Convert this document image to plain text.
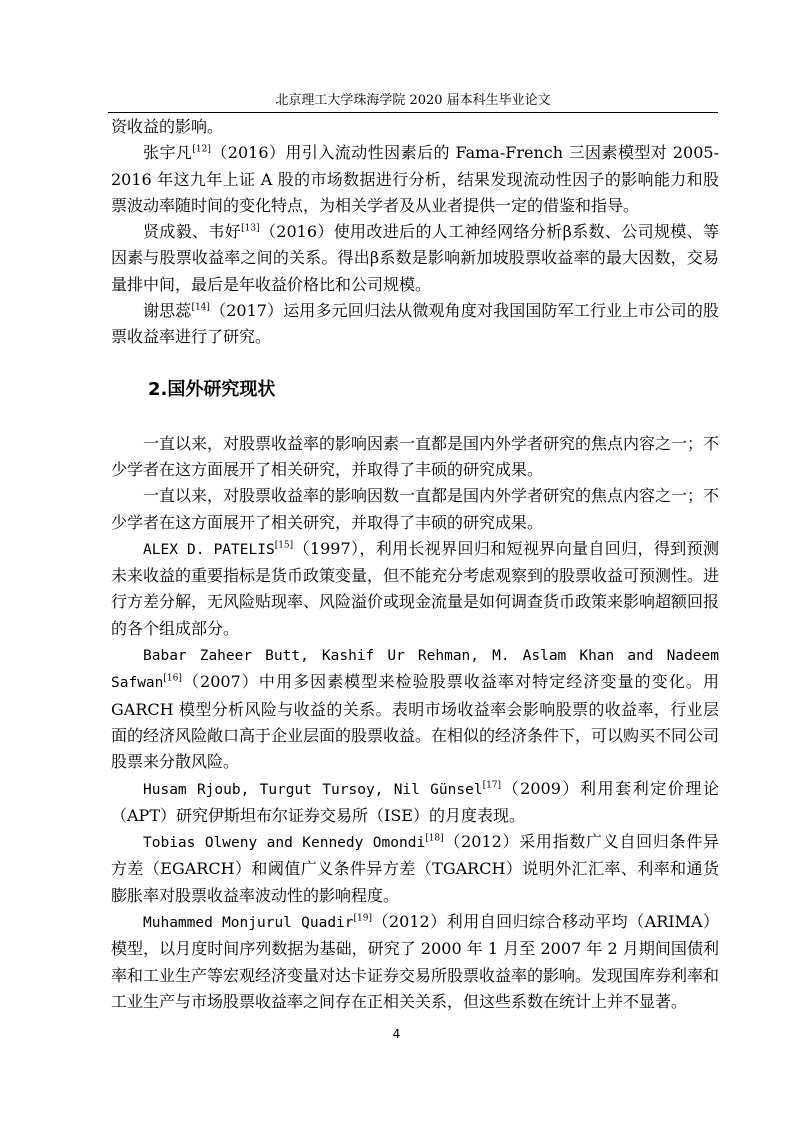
北京理工大学珠海学院 2020 届本科生毕业论文

资收益的影响。

张宇凡[12]（2016）用引入流动性因素后的 Fama-French 三因素模型对 2005-2016 年这九年上证 A 股的市场数据进行分析，结果发现流动性因子的影响能力和股票波动率随时间的变化特点，为相关学者及从业者提供一定的借鉴和指导。

贤成毅、韦好[13]（2016）使用改进后的人工神经网络分析β系数、公司规模、等因素与股票收益率之间的关系。得出β系数是影响新加坡股票收益率的最大因数，交易量排中间，最后是年收益价格比和公司规模。

谢思蕊[14]（2017）运用多元回归法从微观角度对我国国防军工行业上市公司的股票收益率进行了研究。

2.国外研究现状

一直以来，对股票收益率的影响因素一直都是国内外学者研究的焦点内容之一；不少学者在这方面展开了相关研究，并取得了丰硕的研究成果。

一直以来，对股票收益率的影响因数一直都是国内外学者研究的焦点内容之一；不少学者在这方面展开了相关研究，并取得了丰硕的研究成果。

ALEX D. PATELIS[15]（1997），利用长视界回归和短视界向量自回归，得到预测未来收益的重要指标是货币政策变量，但不能充分考虑观察到的股票收益可预测性。进行方差分解，无风险贴现率、风险溢价或现金流量是如何调查货币政策来影响超额回报的各个组成部分。

Babar Zaheer Butt, Kashif Ur Rehman, M. Aslam Khan and Nadeem Safwan[16]（2007）中用多因素模型来检验股票收益率对特定经济变量的变化。用 GARCH 模型分析风险与收益的关系。表明市场收益率会影响股票的收益率，行业层面的经济风险敞口高于企业层面的股票收益。在相似的经济条件下，可以购买不同公司股票来分散风险。

Husam Rjoub, Turgut Tursoy, Nil Günsel[17]（2009）利用套利定价理论（APT）研究伊斯坦布尔证券交易所（ISE）的月度表现。

Tobias Olweny and Kennedy Omondi[18]（2012）采用指数广义自回归条件异方差（EGARCH）和阈值广义条件异方差（TGARCH）说明外汇汇率、利率和通货膨胀率对股票收益率波动性的影响程度。

Muhammed Monjurul Quadir[19]（2012）利用自回归综合移动平均（ARIMA）模型，以月度时间序列数据为基础，研究了 2000 年 1 月至 2007 年 2 月期间国债利率和工业生产等宏观经济变量对达卡证券交易所股票收益率的影响。发现国库券利率和工业生产与市场股票收益率之间存在正相关关系，但这些系数在统计上并不显著。

4
